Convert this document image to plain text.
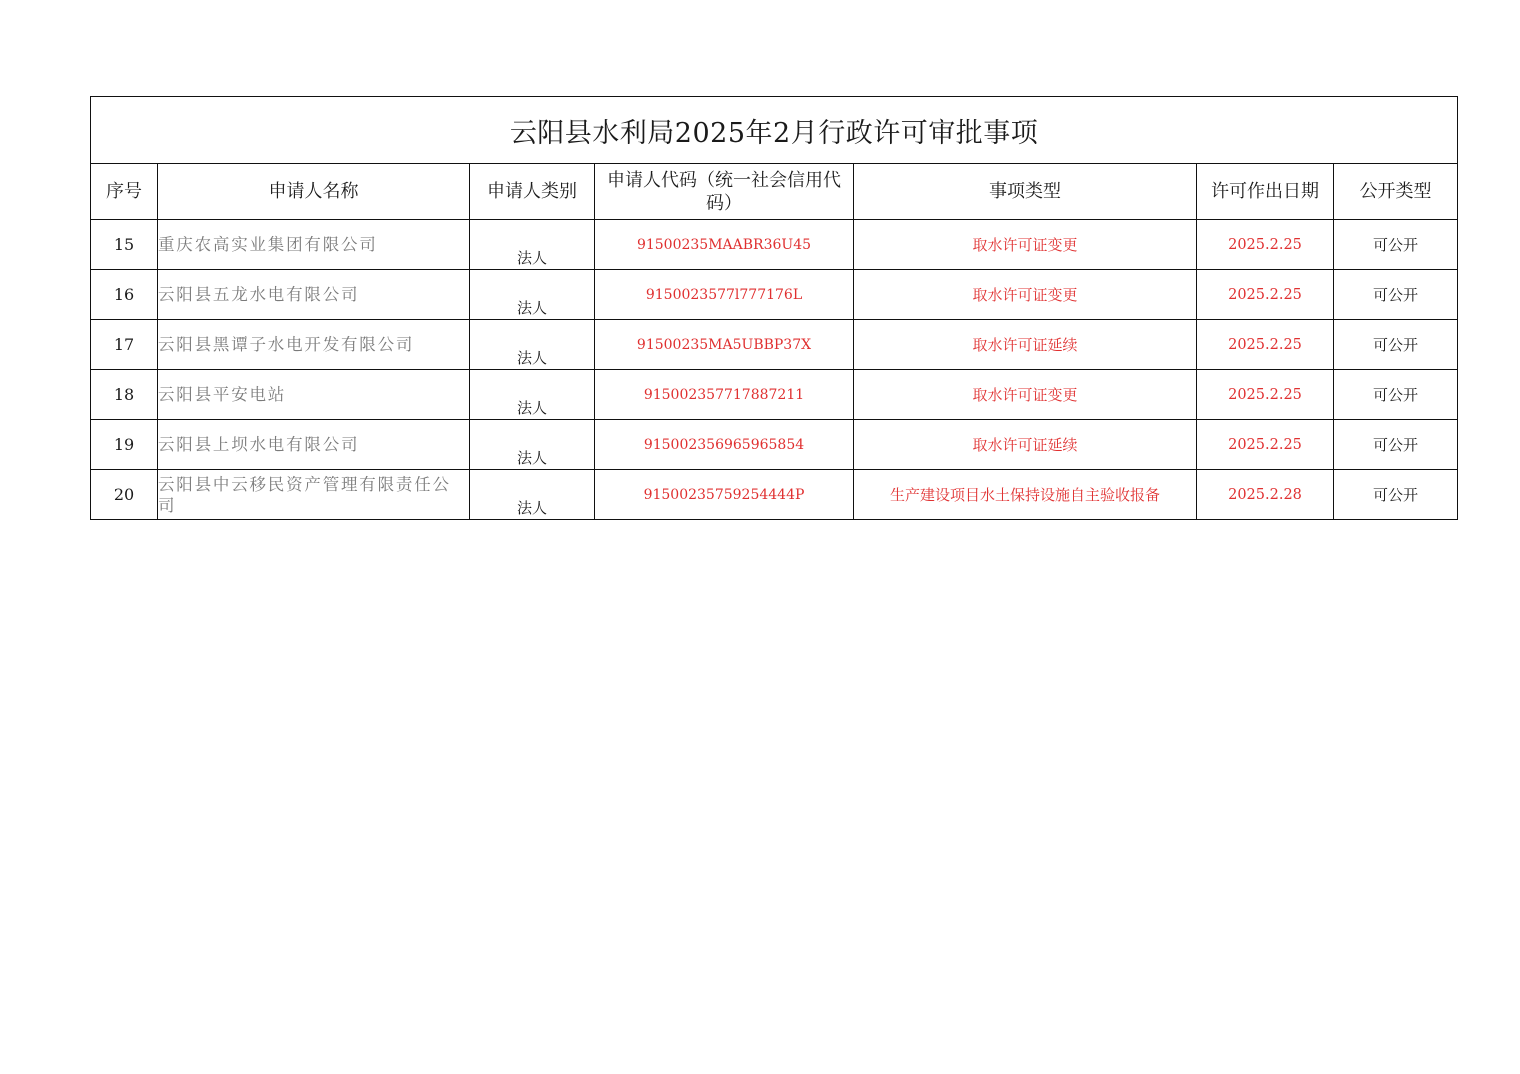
云阳县水利局2025年2月行政许可审批事项						
序号	申请人名称	申请人类别	申请人代码（统一社会信用代码）	事项类型	许可作出日期	公开类型
15	重庆农高实业集团有限公司	法人	91500235MAABR36U45	取水许可证变更	2025.2.25	可公开
16	云阳县五龙水电有限公司	法人	9150023577l777176L	取水许可证变更	2025.2.25	可公开
17	云阳县黑谭子水电开发有限公司	法人	91500235MA5UBBP37X	取水许可证延续	2025.2.25	可公开
18	云阳县平安电站	法人	915002357717887211	取水许可证变更	2025.2.25	可公开
19	云阳县上坝水电有限公司	法人	915002356965965854	取水许可证延续	2025.2.25	可公开
20	云阳县中云移民资产管理有限责任公司	法人	91500235759254444P	生产建设项目水土保持设施自主验收报备	2025.2.28	可公开
